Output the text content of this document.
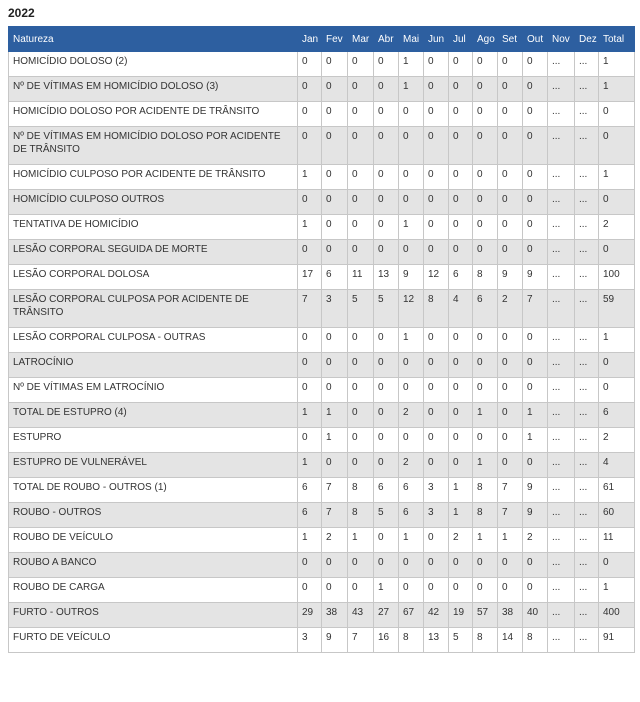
2022
Natureza	Jan	Fev	Mar	Abr	Mai	Jun	Jul	Ago	Set	Out	Nov	Dez	Total
HOMICÍDIO DOLOSO (2)	0	0	0	0	1	0	0	0	0	0	...	...	1
Nº DE VÍTIMAS EM HOMICÍDIO DOLOSO (3)	0	0	0	0	1	0	0	0	0	0	...	...	1
HOMICÍDIO DOLOSO POR ACIDENTE DE TRÂNSITO	0	0	0	0	0	0	0	0	0	0	...	...	0
Nº DE VÍTIMAS EM HOMICÍDIO DOLOSO POR ACIDENTE DE TRÂNSITO	0	0	0	0	0	0	0	0	0	0	...	...	0
HOMICÍDIO CULPOSO POR ACIDENTE DE TRÂNSITO	1	0	0	0	0	0	0	0	0	0	...	...	1
HOMICÍDIO CULPOSO OUTROS	0	0	0	0	0	0	0	0	0	0	...	...	0
TENTATIVA DE HOMICÍDIO	1	0	0	0	1	0	0	0	0	0	...	...	2
LESÃO CORPORAL SEGUIDA DE MORTE	0	0	0	0	0	0	0	0	0	0	...	...	0
LESÃO CORPORAL DOLOSA	17	6	11	13	9	12	6	8	9	9	...	...	100
LESÃO CORPORAL CULPOSA POR ACIDENTE DE TRÂNSITO	7	3	5	5	12	8	4	6	2	7	...	...	59
LESÃO CORPORAL CULPOSA - OUTRAS	0	0	0	0	1	0	0	0	0	0	...	...	1
LATROCÍNIO	0	0	0	0	0	0	0	0	0	0	...	...	0
Nº DE VÍTIMAS EM LATROCÍNIO	0	0	0	0	0	0	0	0	0	0	...	...	0
TOTAL DE ESTUPRO (4)	1	1	0	0	2	0	0	1	0	1	...	...	6
ESTUPRO	0	1	0	0	0	0	0	0	0	1	...	...	2
ESTUPRO DE VULNERÁVEL	1	0	0	0	2	0	0	1	0	0	...	...	4
TOTAL DE ROUBO - OUTROS (1)	6	7	8	6	6	3	1	8	7	9	...	...	61
ROUBO - OUTROS	6	7	8	5	6	3	1	8	7	9	...	...	60
ROUBO DE VEÍCULO	1	2	1	0	1	0	2	1	1	2	...	...	11
ROUBO A BANCO	0	0	0	0	0	0	0	0	0	0	...	...	0
ROUBO DE CARGA	0	0	0	1	0	0	0	0	0	0	...	...	1
FURTO - OUTROS	29	38	43	27	67	42	19	57	38	40	...	...	400
FURTO DE VEÍCULO	3	9	7	16	8	13	5	8	14	8	...	...	91
